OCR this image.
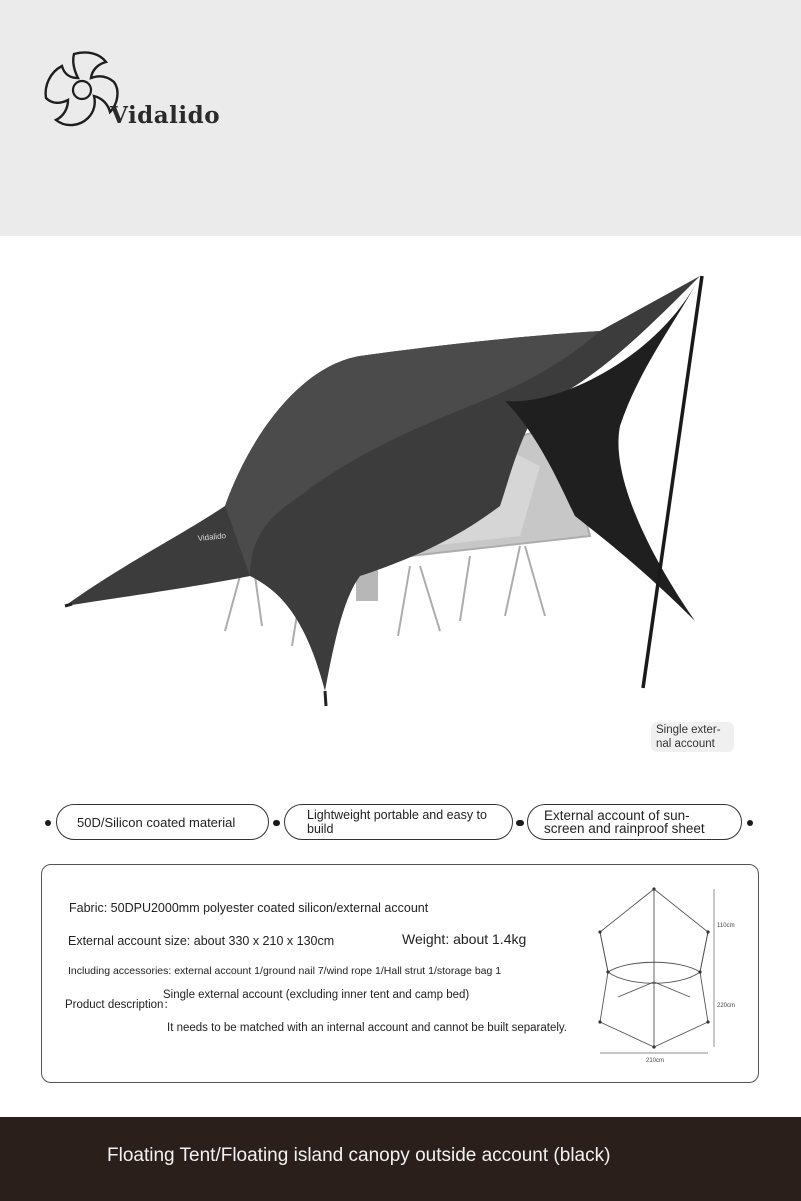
Vidalido
Vidalido
Single exter-
nal account
50D/Silicon coated material	Lightweight portable and easy to build
External account of sun-screen and rainproof sheet
Fabric: 50DPU2000mm polyester coated silicon/external account
External account size: about 330 x 210 x 130cm	Weight: about 1.4kg
Including accessories: external account 1/ground nail 7/wind rope 1/Hall strut 1/storage bag 1
Product description：
Single external account (excluding inner tent and camp bed)
It needs to be matched with an internal account and cannot be built separately.
110cm
220cm
210cm
Floating Tent/Floating island canopy outside account (black)
